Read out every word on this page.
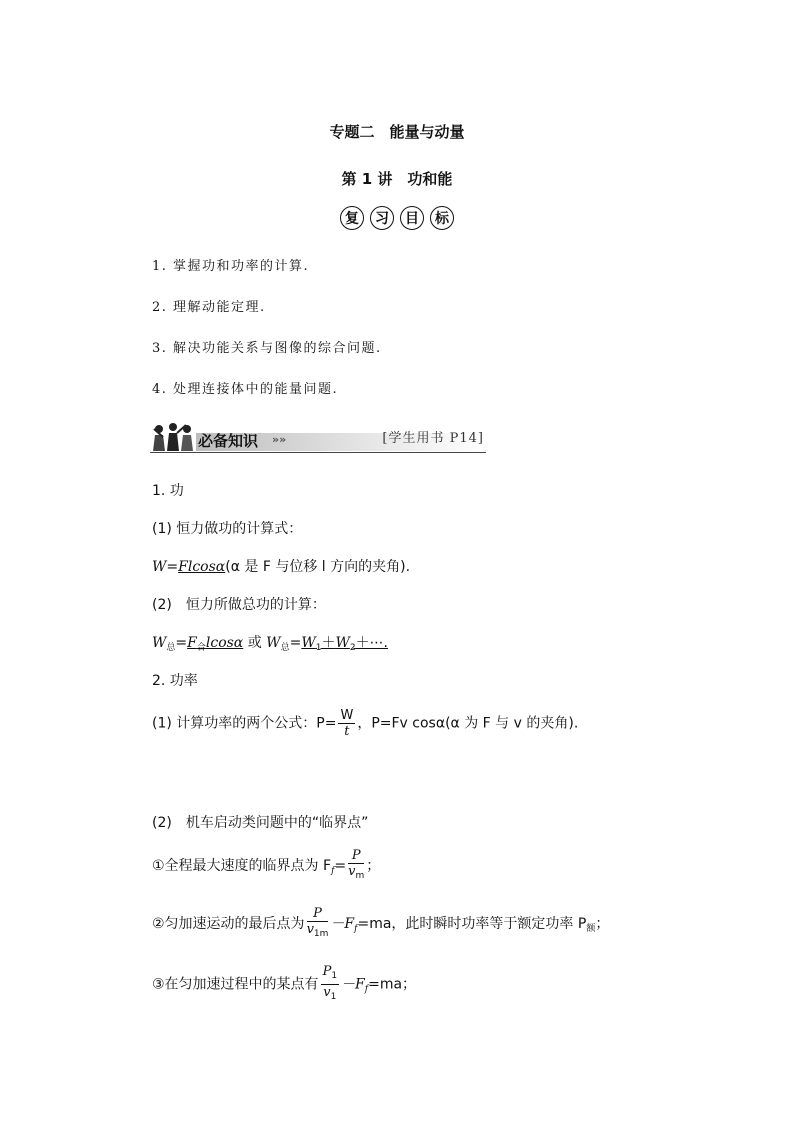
专题二　能量与动量
第 1 讲　功和能
复	习	目	标
1. 掌握功和功率的计算.
2. 理解动能定理.
3. 解决功能关系与图像的综合问题.
4. 处理连接体中的能量问题.
必备知识 »»	[学生用书 P14]
1. 功
(1) 恒力做功的计算式：
W=Flcosα(α 是 F 与位移 l 方向的夹角).
(2)　恒力所做总功的计算：
$W_总=F_合lcos\alpha$ 或 $W_总=W_1+W_2+\cdots$.
2. 功率
(1) 计算功率的两个公式：$P= \frac{W}{t}$ ，P=Fv cosα(α 为 F 与 v 的夹角).
(2)　机车启动类问题中的“临界点”
①全程最大速度的临界点为 $F_f= \frac{P}{v_m}$ ；
②匀加速运动的最后点为 $\frac{P}{v_{1m}} -F_f=ma$，此时瞬时功率等于额定功率 $P_额$；
③在匀加速过程中的某点有 $\frac{P_1}{v_1} -F_f=ma$；
